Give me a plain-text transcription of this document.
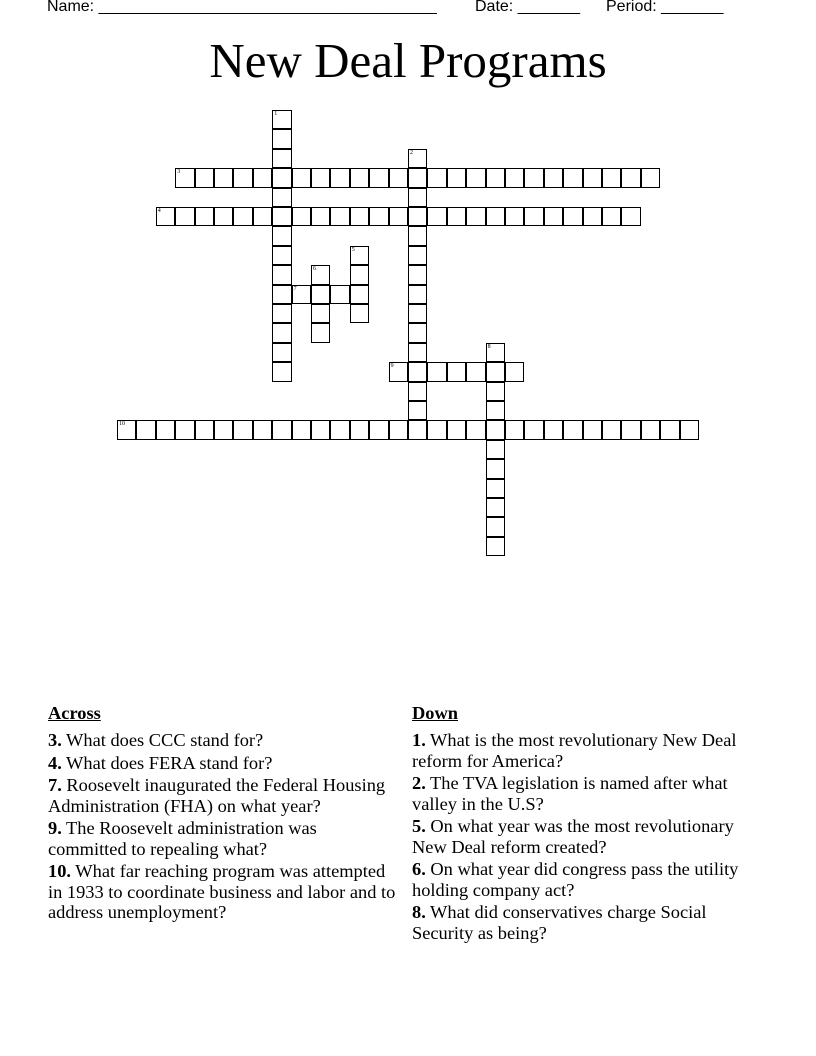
Name: ______________________________________ Date: _______ Period: _______
New Deal Programs
1
2
3
4
5
6
7
8
9
10
Across
3. What does CCC stand for?
4. What does FERA stand for?
7. Roosevelt inaugurated the Federal Housing Administration (FHA) on what year?
9. The Roosevelt administration was committed to repealing what?
10. What far reaching program was attempted in 1933 to coordinate business and labor and to address unemployment?
Down
1. What is the most revolutionary New Deal reform for America?
2. The TVA legislation is named after what valley in the U.S?
5. On what year was the most revolutionary New Deal reform created?
6. On what year did congress pass the utility holding company act?
8. What did conservatives charge Social Security as being?
